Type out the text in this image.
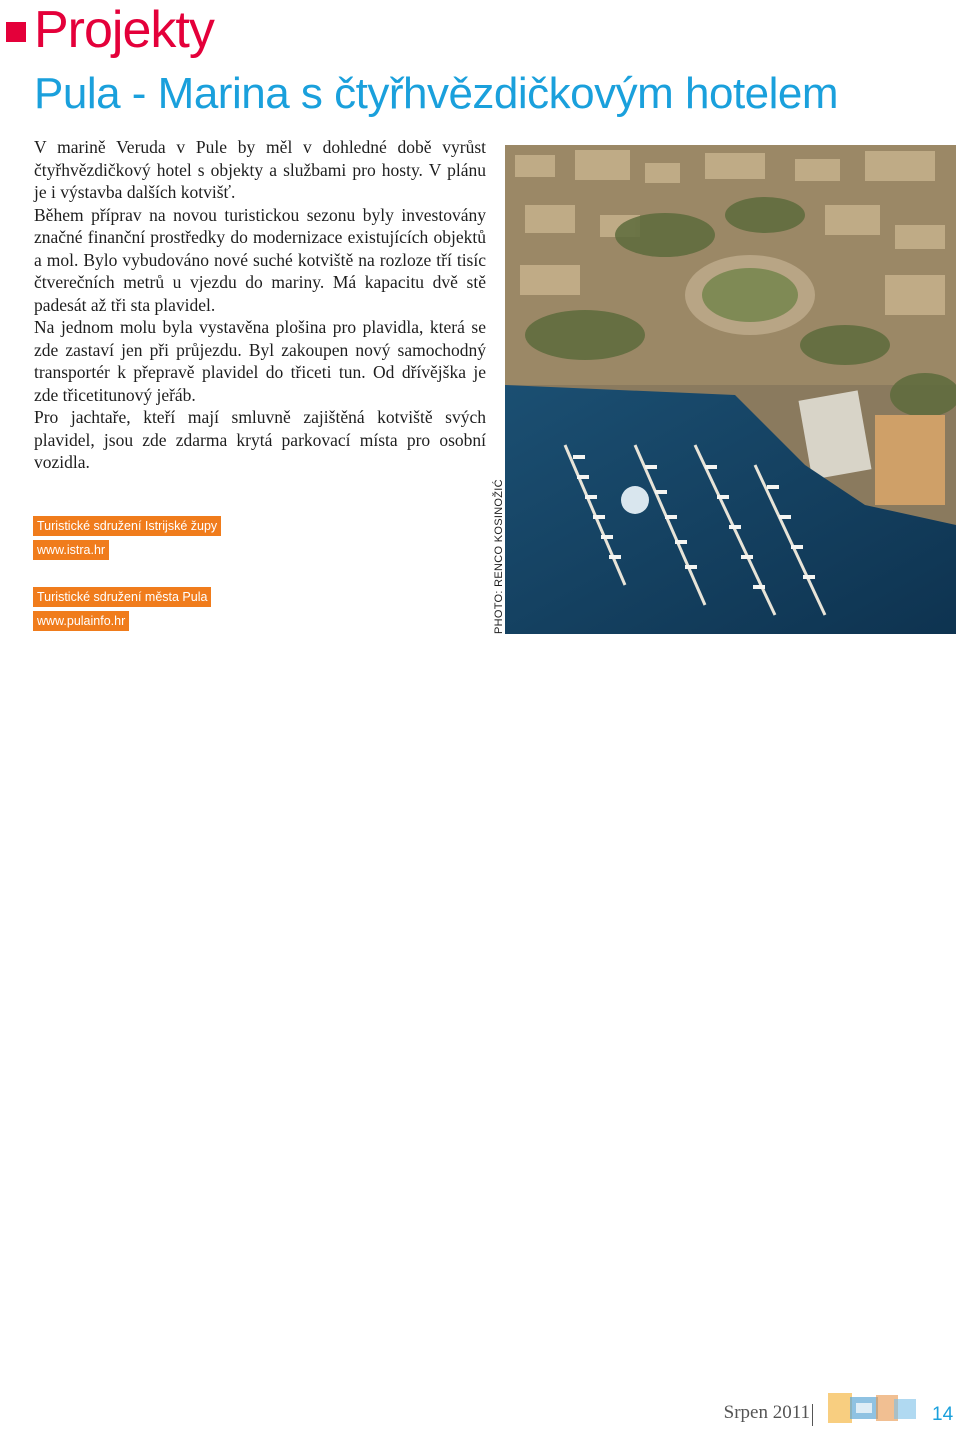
Projekty
Pula - Marina s čtyřhvězdičkovým hotelem

V marině Veruda v Pule by měl v dohledné době vyrůst čtyřhvězdičkový hotel s objekty a službami pro hosty. V plánu je i výstavba dalších kotvišť.

Během příprav na novou turistickou sezonu byly investovány značné finanční prostředky do modernizace existujících objektů a mol. Bylo vybudováno nové suché kotviště na rozloze tří tisíc čtverečních metrů u vjezdu do mariny. Má kapacitu dvě stě padesát až tři sta plavidel.

Na jednom molu byla vystavěna plošina pro plavidla, která se zde zastaví jen při průjezdu. Byl zakoupen nový samochodný transportér k přepravě plavidel do třiceti tun. Od dřívějška je zde třicetitunový jeřáb.

Pro jachtaře, kteří mají smluvně zajištěná kotviště svých plavidel, jsou zde zdarma krytá parkovací místa pro osobní vozidla.

PHOTO: RENCO KOSINOŽIĆ
Turistické sdružení Istrijské župy
www.istra.hr
Turistické sdružení města Pula
www.pulainfo.hr
Srpen 2011	14
